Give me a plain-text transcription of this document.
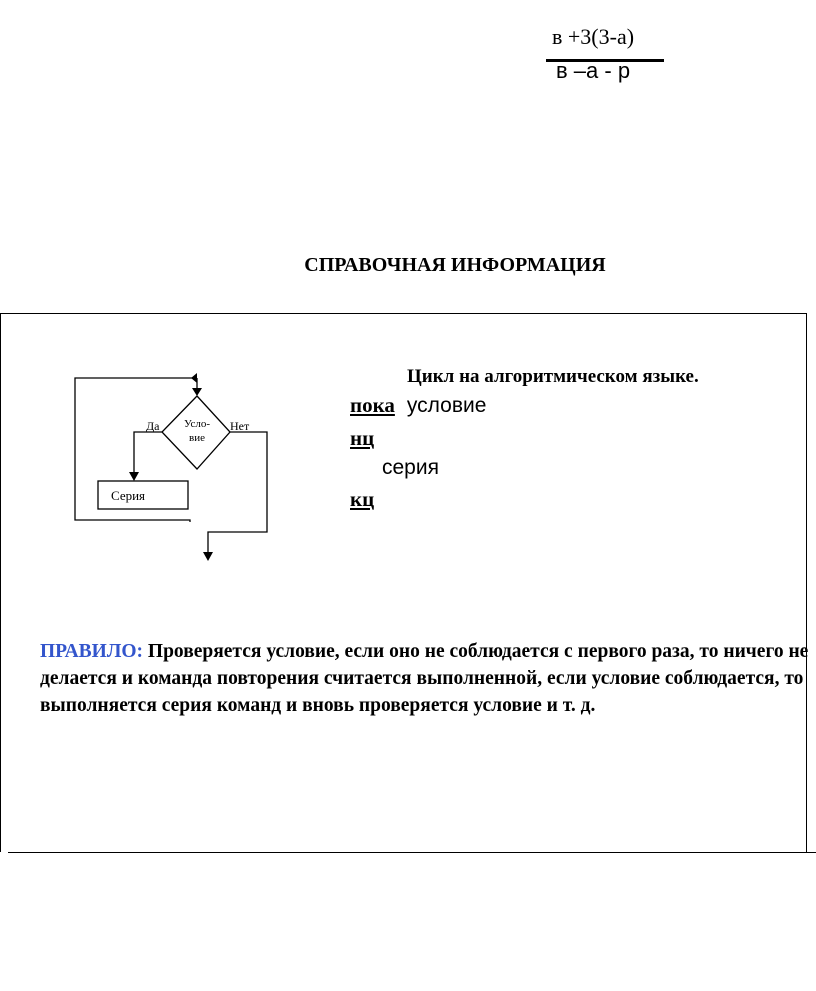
в +3(3-а)
в –а - р
СПРАВОЧНАЯ ИНФОРМАЦИЯ
Усло-
вие
Да
Серия
Нет
Цикл на алгоритмическом языке.
пока условие
нц
серия
кц
ПРАВИЛО: Проверяется условие, если оно не соблюдается с первого раза, то ничего не делается и команда повторения считается выполненной, если условие соблюдается, то выполняется серия команд и вновь проверяется условие и т. д.
